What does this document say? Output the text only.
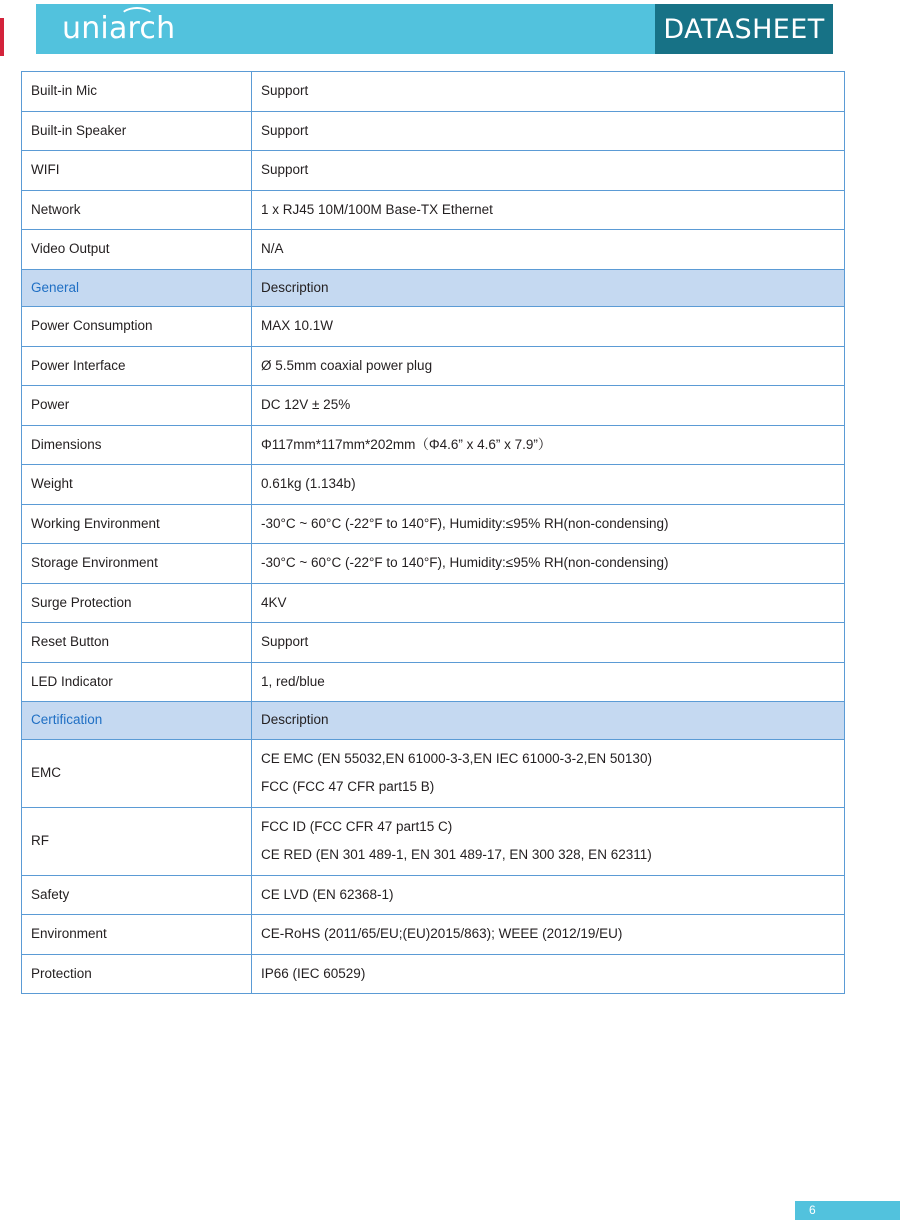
uniarch	DATASHEET
Built-in Mic	Support

Built-in Speaker	Support

WIFI	Support

Network	1 x RJ45 10M/100M Base-TX Ethernet

Video Output	N/A

General	Description

Power Consumption	MAX 10.1W

Power Interface	Ø 5.5mm coaxial power plug

Power	DC 12V ± 25%

Dimensions	Φ117mm*117mm*202mm（Φ4.6” x 4.6” x 7.9”）

Weight	0.61kg (1.134b)

Working Environment	-30°C ~ 60°C (-22°F to 140°F), Humidity:≤95% RH(non-condensing)

Storage Environment	-30°C ~ 60°C (-22°F to 140°F), Humidity:≤95% RH(non-condensing)

Surge Protection	4KV

Reset Button	Support

LED Indicator	1, red/blue

Certification	Description

EMC	CE EMC (EN 55032,EN 61000-3-3,EN IEC 61000-3-2,EN 50130)
FCC (FCC 47 CFR part15 B)

RF	FCC ID (FCC CFR 47 part15 C)
CE RED (EN 301 489-1, EN 301 489-17, EN 300 328, EN 62311)

Safety	CE LVD (EN 62368-1)

Environment	CE-RoHS (2011/65/EU;(EU)2015/863); WEEE (2012/19/EU)

Protection	IP66 (IEC 60529)
6
